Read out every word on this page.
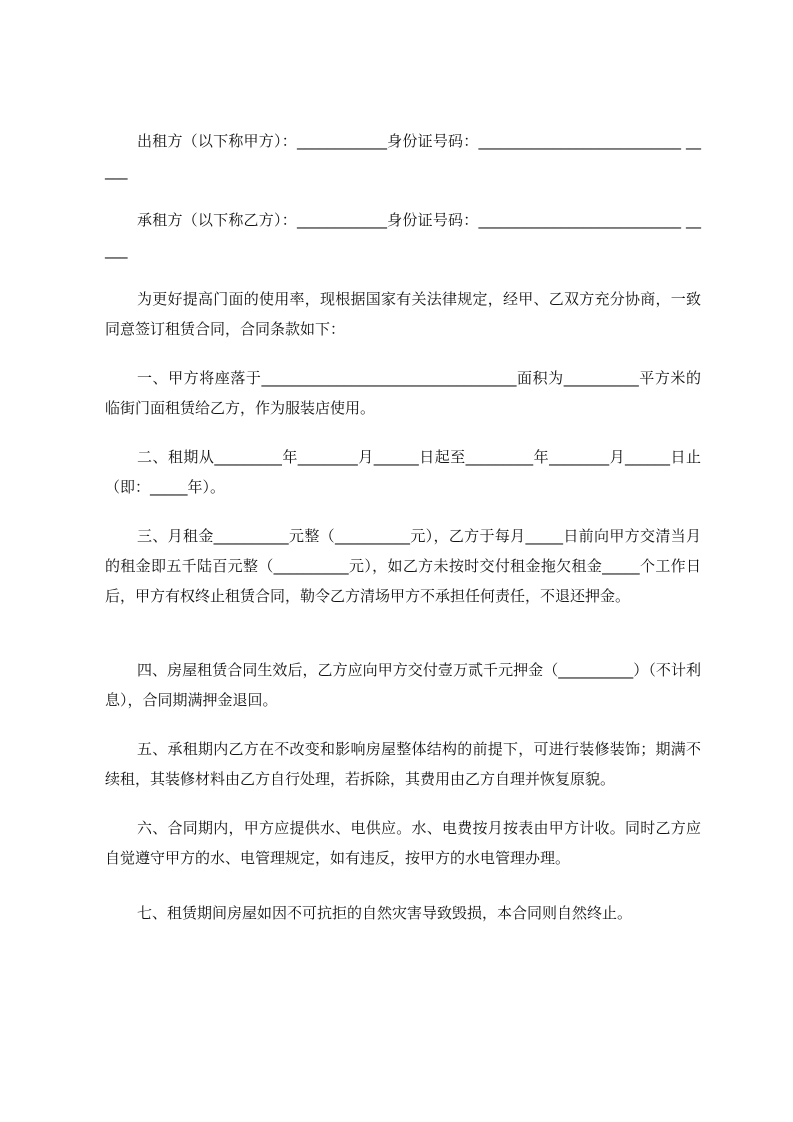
出租方（以下称甲方）：____________身份证号码：___________________________ _____

承租方（以下称乙方）：____________身份证号码：___________________________ _____

为更好提高门面的使用率，现根据国家有关法律规定，经甲、乙双方充分协商，一致同意签订租赁合同，合同条款如下：

一、甲方将座落于__________________________________面积为__________平方米的临街门面租赁给乙方，作为服装店使用。

二、租期从_________年________月______日起至_________年________月______日止（即：_____年）。

三、月租金__________元整（__________元），乙方于每月_____日前向甲方交清当月的租金即五千陆百元整（__________元），如乙方未按时交付租金拖欠租金_____个工作日后，甲方有权终止租赁合同，勒令乙方清场甲方不承担任何责任，不退还押金。

四、房屋租赁合同生效后，乙方应向甲方交付壹万贰千元押金（__________）（不计利息），合同期满押金退回。

五、承租期内乙方在不改变和影响房屋整体结构的前提下，可进行装修装饰；期满不续租，其装修材料由乙方自行处理，若拆除，其费用由乙方自理并恢复原貌。

六、合同期内，甲方应提供水、电供应。水、电费按月按表由甲方计收。同时乙方应自觉遵守甲方的水、电管理规定，如有违反，按甲方的水电管理办理。

七、租赁期间房屋如因不可抗拒的自然灾害导致毁损，本合同则自然终止。
